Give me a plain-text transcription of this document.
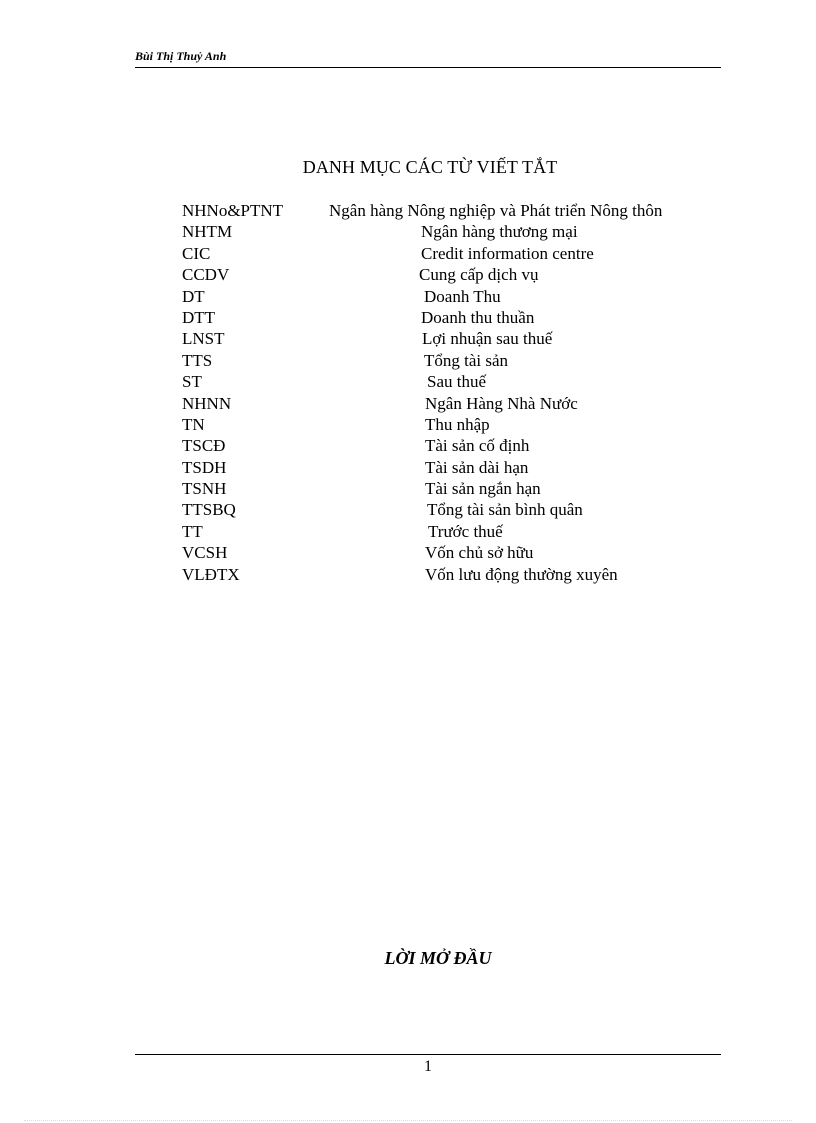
Bùi Thị Thuỷ Anh
DANH MỤC CÁC TỪ VIẾT TẮT
NHNo&PTNT	Ngân hàng Nông nghiệp và Phát triển Nông thôn
NHTM	Ngân hàng thương mại
CIC	Credit information centre
CCDV	Cung cấp dịch vụ
DT	Doanh Thu
DTT	Doanh thu thuần
LNST	Lợi nhuận sau thuế
TTS	Tổng tài sản
ST	Sau thuế
NHNN	Ngân Hàng Nhà Nước
TN	Thu nhập
TSCĐ	Tài sản cố định
TSDH	Tài sản dài hạn
TSNH	Tài sản ngắn hạn
TTSBQ	Tổng tài sản bình quân
TT	Trước thuế
VCSH	Vốn chủ sở hữu
VLĐTX	Vốn lưu động thường xuyên
LỜI MỞ ĐẦU
1
